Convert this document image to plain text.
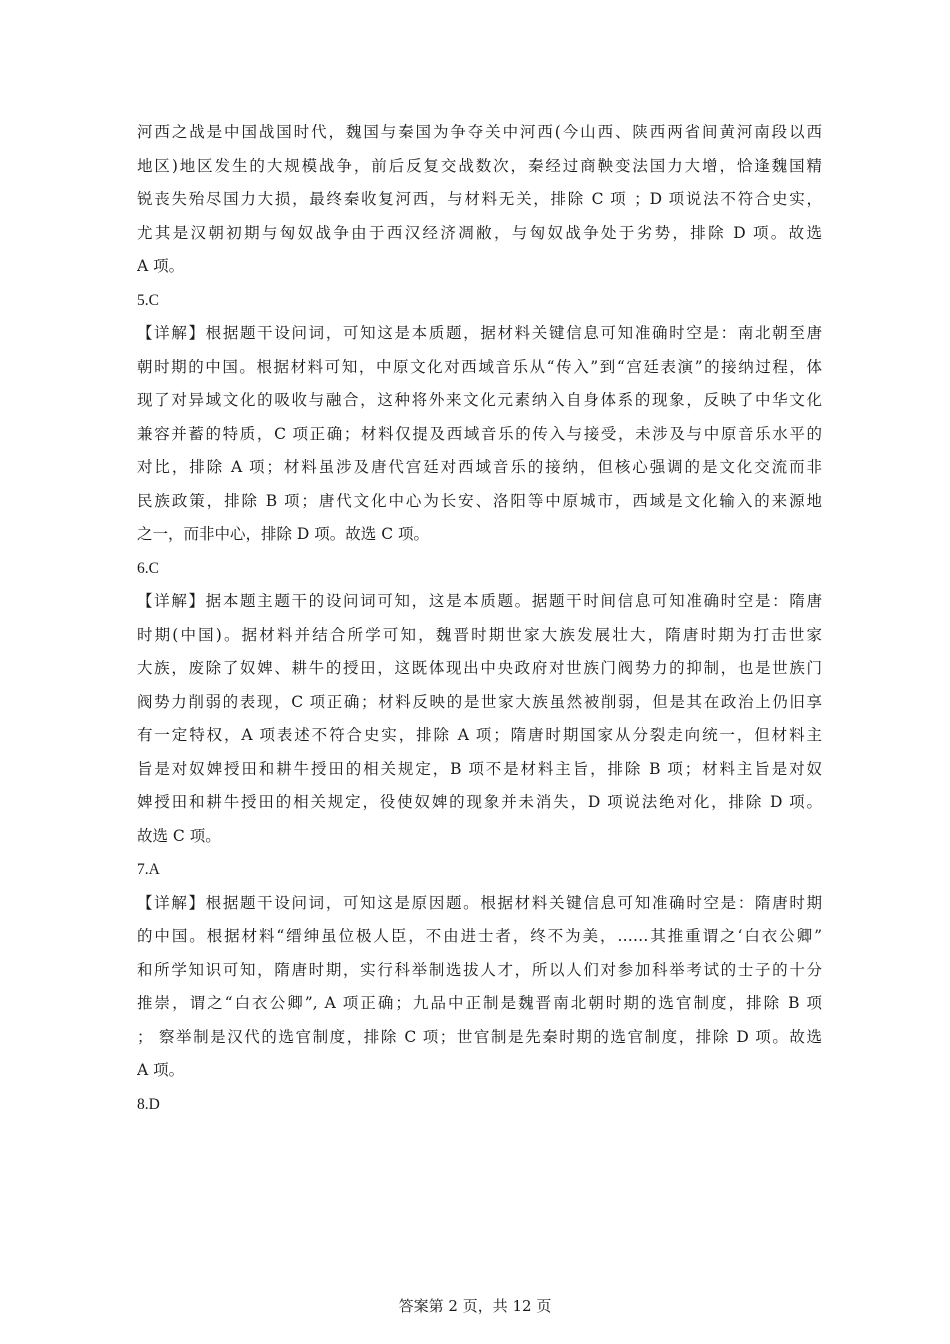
河西之战是中国战国时代，魏国与秦国为争夺关中河西(今山西、陕西两省间黄河南段以西
地区)地区发生的大规模战争，前后反复交战数次，秦经过商鞅变法国力大增，恰逢魏国精
锐丧失殆尽国力大损，最终秦收复河西，与材料无关，排除 C 项 ；D 项说法不符合史实，
尤其是汉朝初期与匈奴战争由于西汉经济凋敝，与匈奴战争处于劣势，排除 D 项。故选
A 项。
5.C
【详解】根据题干设问词，可知这是本质题，据材料关键信息可知准确时空是：南北朝至唐
朝时期的中国。根据材料可知，中原文化对西域音乐从“传入”到“宫廷表演”的接纳过程，体
现了对异域文化的吸收与融合，这种将外来文化元素纳入自身体系的现象，反映了中华文化
兼容并蓄的特质，C 项正确；材料仅提及西域音乐的传入与接受，未涉及与中原音乐水平的
对比，排除 A 项；材料虽涉及唐代宫廷对西域音乐的接纳，但核心强调的是文化交流而非
民族政策，排除 B 项；唐代文化中心为长安、洛阳等中原城市，西域是文化输入的来源地
之一，而非中心，排除 D 项。故选 C 项。
6.C
【详解】据本题主题干的设问词可知，这是本质题。据题干时间信息可知准确时空是：隋唐
时期(中国)。据材料并结合所学可知，魏晋时期世家大族发展壮大，隋唐时期为打击世家
大族，废除了奴婢、耕牛的授田，这既体现出中央政府对世族门阀势力的抑制，也是世族门
阀势力削弱的表现，C 项正确；材料反映的是世家大族虽然被削弱，但是其在政治上仍旧享
有一定特权，A 项表述不符合史实，排除 A 项；隋唐时期国家从分裂走向统一，但材料主
旨是对奴婢授田和耕牛授田的相关规定，B 项不是材料主旨，排除 B 项；材料主旨是对奴
婢授田和耕牛授田的相关规定，役使奴婢的现象并未消失，D 项说法绝对化，排除 D 项。
故选 C 项。
7.A
【详解】根据题干设问词，可知这是原因题。根据材料关键信息可知准确时空是：隋唐时期
的中国。根据材料“缙绅虽位极人臣，不由进士者，终不为美，……其推重谓之‘白衣公卿”
和所学知识可知，隋唐时期，实行科举制选拔人才，所以人们对参加科举考试的士子的十分
推崇，谓之“白衣公卿”, A 项正确；九品中正制是魏晋南北朝时期的选官制度，排除 B 项
； 察举制是汉代的选官制度，排除 C 项；世官制是先秦时期的选官制度，排除 D 项。故选
A 项。
8.D
答案第 2 页，共 12 页
